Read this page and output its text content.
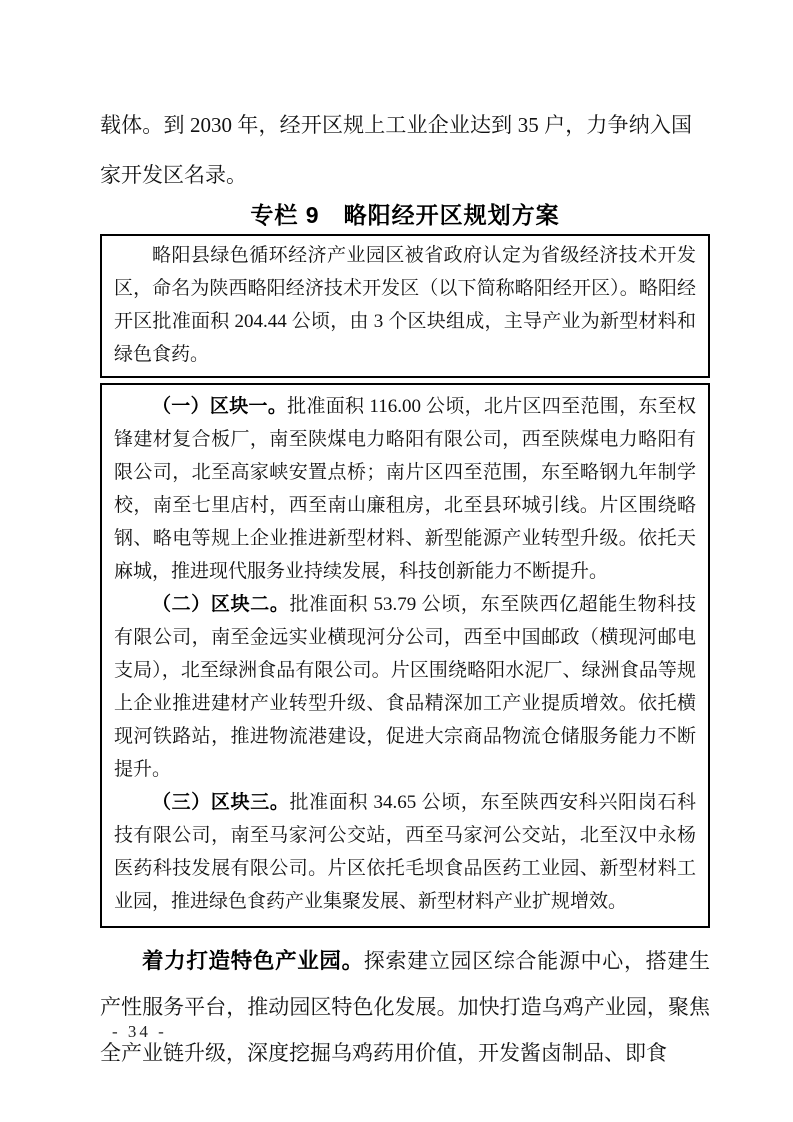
载体。到 2030 年，经开区规上工业企业达到 35 户，力争纳入国家开发区名录。

专栏 9　略阳经开区规划方案

略阳县绿色循环经济产业园区被省政府认定为省级经济技术开发区，命名为陕西略阳经济技术开发区（以下简称略阳经开区）。略阳经开区批准面积 204.44 公顷，由 3 个区块组成，主导产业为新型材料和绿色食药。

（一）区块一。批准面积 116.00 公顷，北片区四至范围，东至权锋建材复合板厂，南至陕煤电力略阳有限公司，西至陕煤电力略阳有限公司，北至高家峡安置点桥；南片区四至范围，东至略钢九年制学校，南至七里店村，西至南山廉租房，北至县环城引线。片区围绕略钢、略电等规上企业推进新型材料、新型能源产业转型升级。依托天麻城，推进现代服务业持续发展，科技创新能力不断提升。

（二）区块二。批准面积 53.79 公顷，东至陕西亿超能生物科技有限公司，南至金远实业横现河分公司，西至中国邮政（横现河邮电支局），北至绿洲食品有限公司。片区围绕略阳水泥厂、绿洲食品等规上企业推进建材产业转型升级、食品精深加工产业提质增效。依托横现河铁路站，推进物流港建设，促进大宗商品物流仓储服务能力不断提升。

（三）区块三。批准面积 34.65 公顷，东至陕西安科兴阳岗石科技有限公司，南至马家河公交站，西至马家河公交站，北至汉中永杨医药科技发展有限公司。片区依托毛坝食品医药工业园、新型材料工业园，推进绿色食药产业集聚发展、新型材料产业扩规增效。

着力打造特色产业园。探索建立园区综合能源中心，搭建生产性服务平台，推动园区特色化发展。加快打造乌鸡产业园，聚焦全产业链升级，深度挖掘乌鸡药用价值，开发酱卤制品、即食

- 34 -
